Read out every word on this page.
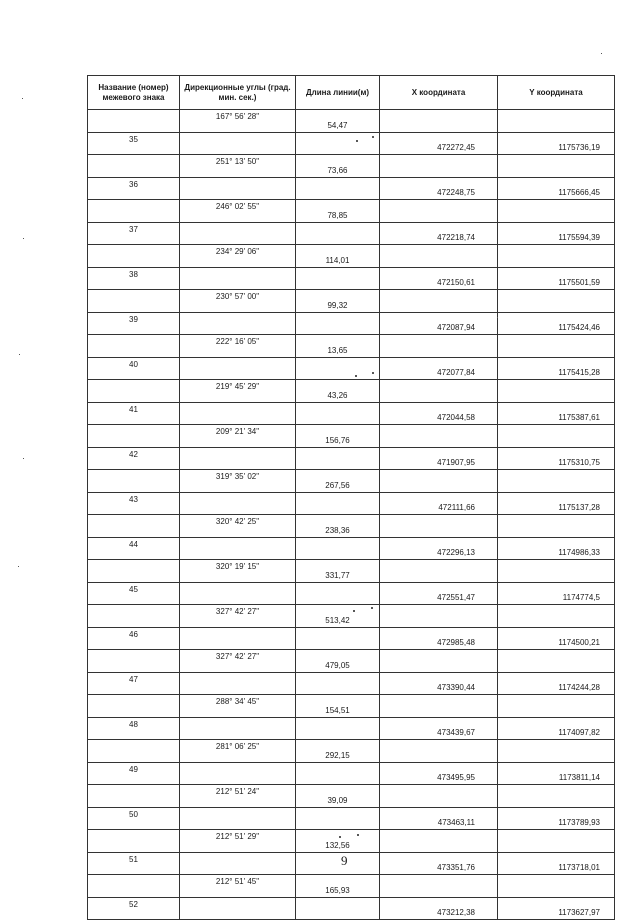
Название (номер) межевого знака	Дирекционные углы (град. мин. сек.)	Длина линии(м)	X координата	Y координата
	167° 56' 28"	54,47		
35			472272,45	1175736,19
	251° 13' 50"	73,66		
36			472248,75	1175666,45
	246° 02' 55"	78,85		
37			472218,74	1175594,39
	234° 29' 06"	114,01		
38			472150,61	1175501,59
	230° 57' 00"	99,32		
39			472087,94	1175424,46
	222° 16' 05"	13,65		
40			472077,84	1175415,28
	219° 45' 29"	43,26		
41			472044,58	1175387,61
	209° 21' 34"	156,76		
42			471907,95	1175310,75
	319° 35' 02"	267,56		
43			472111,66	1175137,28
	320° 42' 25"	238,36		
44			472296,13	1174986,33
	320° 19' 15"	331,77		
45			472551,47	1174774,5
	327° 42' 27"	513,42		
46			472985,48	1174500,21
	327° 42' 27"	479,05		
47			473390,44	1174244,28
	288° 34' 45"	154,51		
48			473439,67	1174097,82
	281° 06' 25"	292,15		
49			473495,95	1173811,14
	212° 51' 24"	39,09		
50			473463,11	1173789,93
	212° 51' 29"	132,56		
51			473351,76	1173718,01
	212° 51' 45"	165,93		
52			473212,38	1173627,97
9
